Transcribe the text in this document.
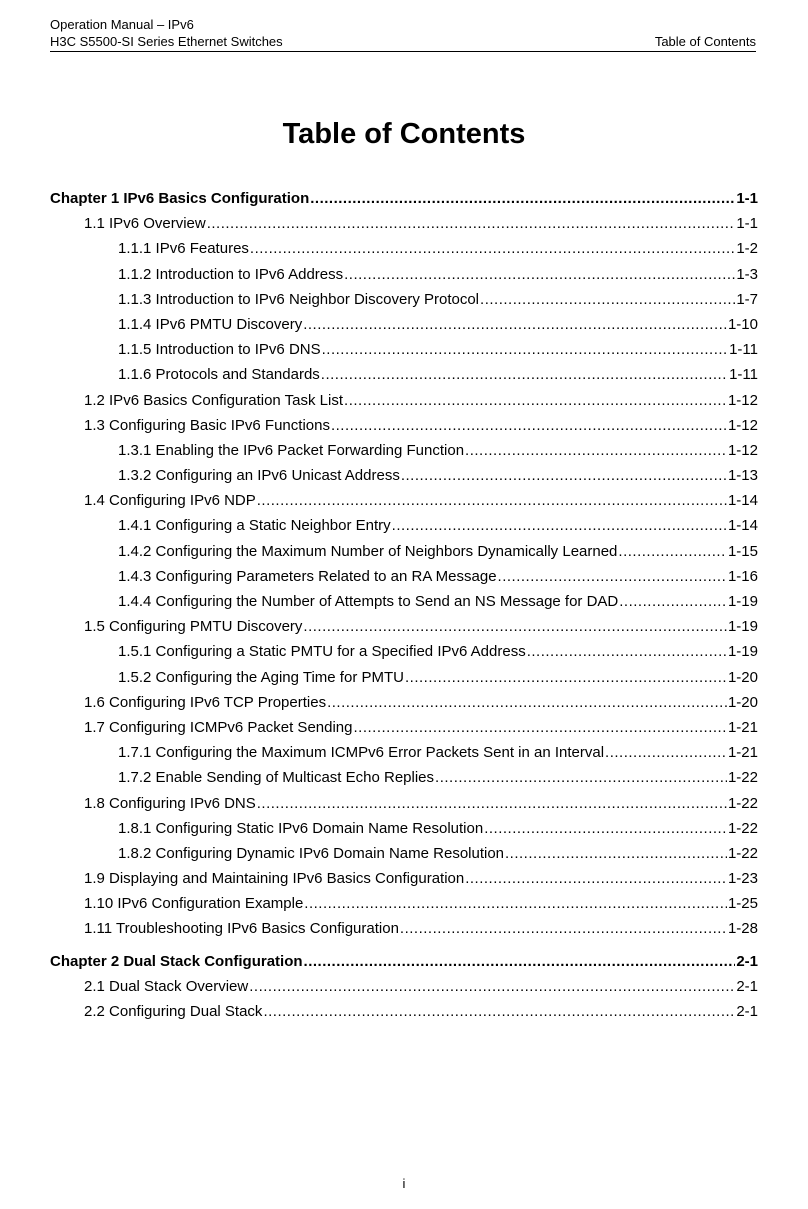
Operation Manual – IPv6
H3C S5500-SI Series Ethernet Switches	Table of Contents
Table of Contents
Chapter 1 IPv6 Basics Configuration .....	1-1
1.1 IPv6 Overview .....	1-1
1.1.1 IPv6 Features .....	1-2
1.1.2 Introduction to IPv6 Address .....	1-3
1.1.3 Introduction to IPv6 Neighbor Discovery Protocol .....	1-7
1.1.4 IPv6 PMTU Discovery .....	1-10
1.1.5 Introduction to IPv6 DNS .....	1-11
1.1.6 Protocols and Standards .....	1-11
1.2 IPv6 Basics Configuration Task List .....	1-12
1.3 Configuring Basic IPv6 Functions .....	1-12
1.3.1 Enabling the IPv6 Packet Forwarding Function .....	1-12
1.3.2 Configuring an IPv6 Unicast Address .....	1-13
1.4 Configuring IPv6 NDP .....	1-14
1.4.1 Configuring a Static Neighbor Entry .....	1-14
1.4.2 Configuring the Maximum Number of Neighbors Dynamically Learned .....	1-15
1.4.3 Configuring Parameters Related to an RA Message .....	1-16
1.4.4 Configuring the Number of Attempts to Send an NS Message for DAD .....	1-19
1.5 Configuring PMTU Discovery .....	1-19
1.5.1 Configuring a Static PMTU for a Specified IPv6 Address .....	1-19
1.5.2 Configuring the Aging Time for PMTU .....	1-20
1.6 Configuring IPv6 TCP Properties .....	1-20
1.7 Configuring ICMPv6 Packet Sending .....	1-21
1.7.1 Configuring the Maximum ICMPv6 Error Packets Sent in an Interval .....	1-21
1.7.2 Enable Sending of Multicast Echo Replies .....	1-22
1.8 Configuring IPv6 DNS .....	1-22
1.8.1 Configuring Static IPv6 Domain Name Resolution .....	1-22
1.8.2 Configuring Dynamic IPv6 Domain Name Resolution .....	1-22
1.9 Displaying and Maintaining IPv6 Basics Configuration .....	1-23
1.10 IPv6 Configuration Example .....	1-25
1.11 Troubleshooting IPv6 Basics Configuration .....	1-28
Chapter 2 Dual Stack Configuration .....	2-1
2.1 Dual Stack Overview .....	2-1
2.2 Configuring Dual Stack .....	2-1
i
